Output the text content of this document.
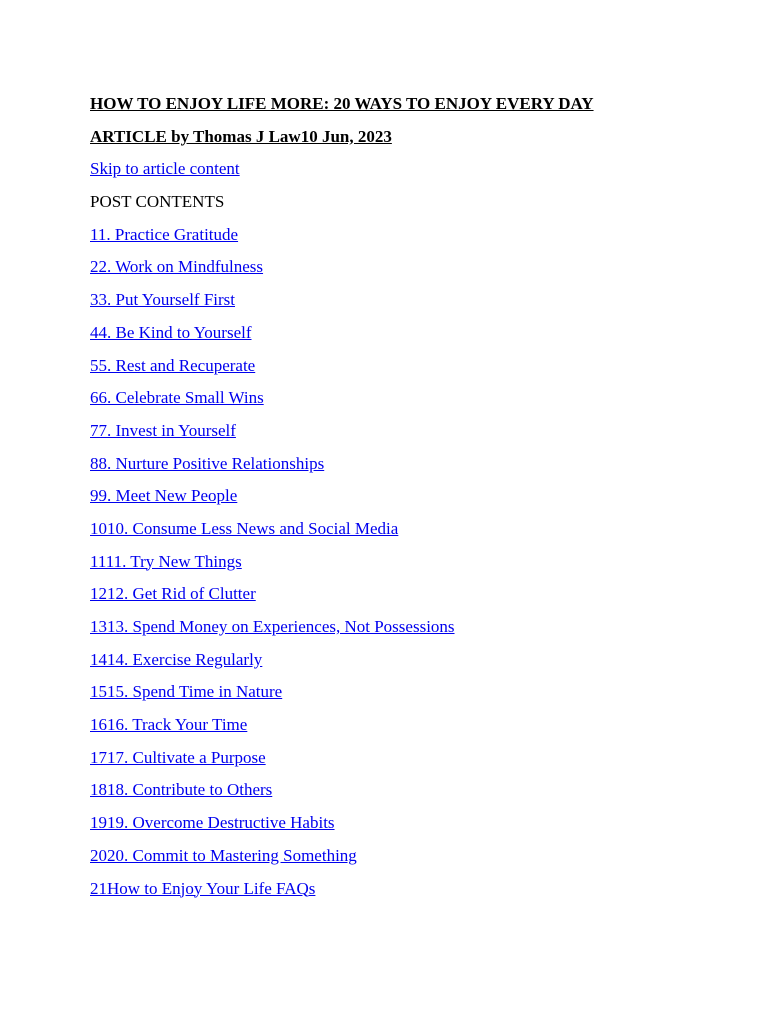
HOW TO ENJOY LIFE MORE: 20 WAYS TO ENJOY EVERY DAY
ARTICLE by Thomas J Law10 Jun, 2023
Skip to article content
POST CONTENTS
11. Practice Gratitude
22. Work on Mindfulness
33. Put Yourself First
44. Be Kind to Yourself
55. Rest and Recuperate
66. Celebrate Small Wins
77. Invest in Yourself
88. Nurture Positive Relationships
99. Meet New People
1010. Consume Less News and Social Media
1111. Try New Things
1212. Get Rid of Clutter
1313. Spend Money on Experiences, Not Possessions
1414. Exercise Regularly
1515. Spend Time in Nature
1616. Track Your Time
1717. Cultivate a Purpose
1818. Contribute to Others
1919. Overcome Destructive Habits
2020. Commit to Mastering Something
21How to Enjoy Your Life FAQs
